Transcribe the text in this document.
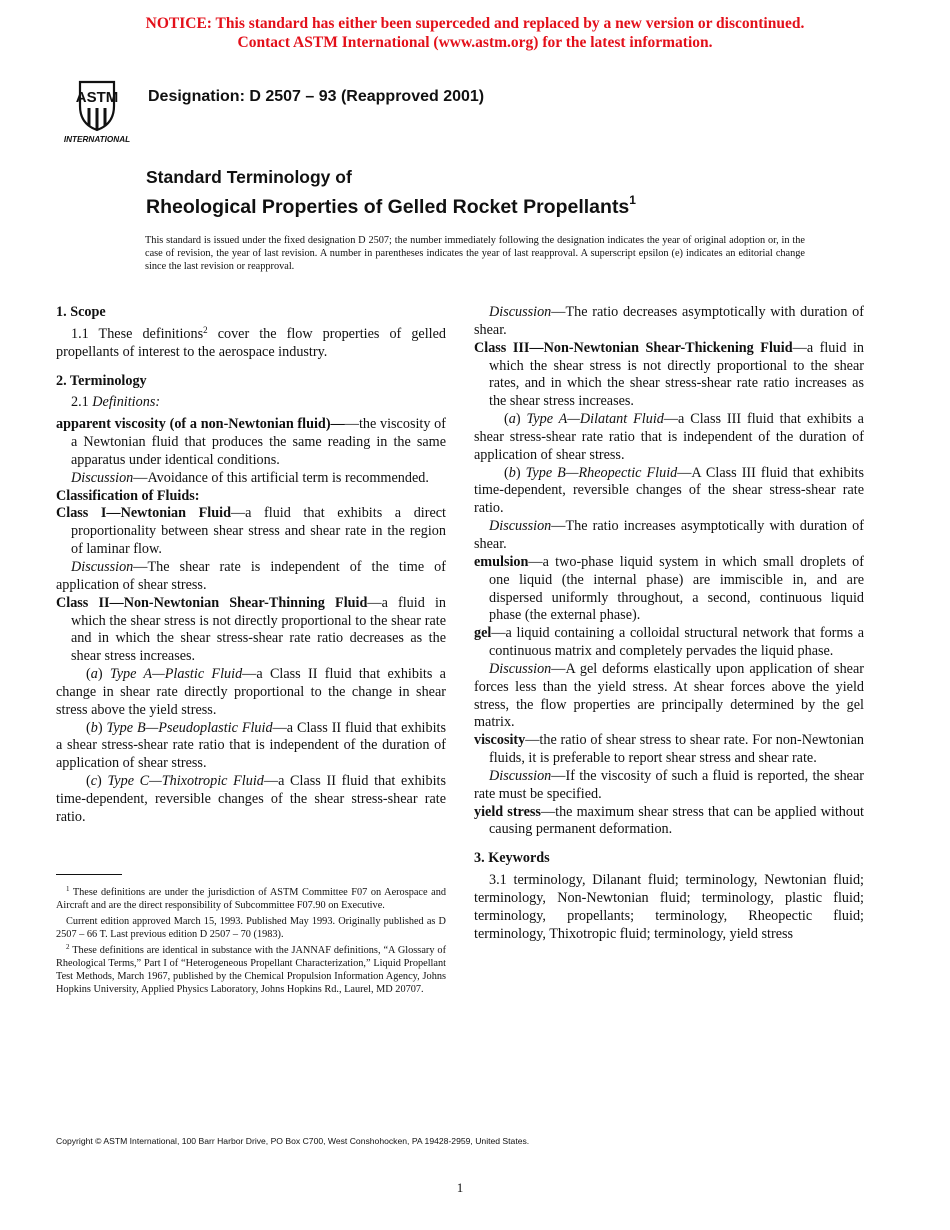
NOTICE: This standard has either been superceded and replaced by a new version or discontinued.
Contact ASTM International (www.astm.org) for the latest information.
ASTM
INTERNATIONAL
Designation: D 2507 – 93 (Reapproved 2001)
Standard Terminology of
Rheological Properties of Gelled Rocket Propellants$^1$
This standard is issued under the fixed designation D 2507; the number immediately following the designation indicates the year of original adoption or, in the case of revision, the year of last revision. A number in parentheses indicates the year of last reapproval. A superscript epsilon (e) indicates an editorial change since the last revision or reapproval.

1. Scope

1.1 These definitions$^2$ cover the flow properties of gelled propellants of interest to the aerospace industry.

2. Terminology

2.1 Definitions:

apparent viscosity (of a non-Newtonian fluid)——the viscosity of a Newtonian fluid that produces the same reading in the same apparatus under identical conditions.

Discussion—Avoidance of this artificial term is recommended.

Classification of Fluids:

Class I—Newtonian Fluid—a fluid that exhibits a direct proportionality between shear stress and shear rate in the region of laminar flow.

Discussion—The shear rate is independent of the time of application of shear stress.

Class II—Non-Newtonian Shear-Thinning Fluid—a fluid in which the shear stress is not directly proportional to the shear rate and in which the shear stress-shear rate ratio decreases as the shear stress increases.

(a) Type A—Plastic Fluid—a Class II fluid that exhibits a change in shear rate directly proportional to the change in shear stress above the yield stress.

(b) Type B—Pseudoplastic Fluid—a Class II fluid that exhibits a shear stress-shear rate ratio that is independent of the duration of application of shear stress.

(c) Type C—Thixotropic Fluid—a Class II fluid that exhibits time-dependent, reversible changes of the shear stress-shear rate ratio.

Discussion—The ratio decreases asymptotically with duration of shear.

Class III—Non-Newtonian Shear-Thickening Fluid—a fluid in which the shear stress is not directly proportional to the shear rates, and in which the shear stress-shear rate ratio increases as the shear stress increases.

(a) Type A—Dilatant Fluid—a Class III fluid that exhibits a shear stress-shear rate ratio that is independent of the duration of application of shear stress.

(b) Type B—Rheopectic Fluid—A Class III fluid that exhibits time-dependent, reversible changes of the shear stress-shear rate ratio.

Discussion—The ratio increases asymptotically with duration of shear.

emulsion—a two-phase liquid system in which small droplets of one liquid (the internal phase) are immiscible in, and are dispersed uniformly throughout, a second, continuous liquid phase (the external phase).

gel—a liquid containing a colloidal structural network that forms a continuous matrix and completely pervades the liquid phase.

Discussion—A gel deforms elastically upon application of shear forces less than the yield stress. At shear forces above the yield stress, the flow properties are principally determined by the gel matrix.

viscosity—the ratio of shear stress to shear rate. For non-Newtonian fluids, it is preferable to report shear stress and shear rate.

Discussion—If the viscosity of such a fluid is reported, the shear rate must be specified.

yield stress—the maximum shear stress that can be applied without causing permanent deformation.

3. Keywords

3.1 terminology, Dilanant fluid; terminology, Newtonian fluid; terminology, Non-Newtonian fluid; terminology, plastic fluid; terminology, propellants; terminology, Rheopectic fluid; terminology, Thixotropic fluid; terminology, yield stress

$^1$ These definitions are under the jurisdiction of ASTM Committee F07 on Aerospace and Aircraft and are the direct responsibility of Subcommittee F07.90 on Executive.

Current edition approved March 15, 1993. Published May 1993. Originally published as D 2507 – 66 T. Last previous edition D 2507 – 70 (1983).

$^2$ These definitions are identical in substance with the JANNAF definitions, “A Glossary of Rheological Terms,” Part I of “Heterogeneous Propellant Characterization,” Liquid Propellant Test Methods, March 1967, published by the Chemical Propulsion Information Agency, Johns Hopkins University, Applied Physics Laboratory, Johns Hopkins Rd., Laurel, MD 20707.

Copyright © ASTM International, 100 Barr Harbor Drive, PO Box C700, West Conshohocken, PA 19428-2959, United States.
1
